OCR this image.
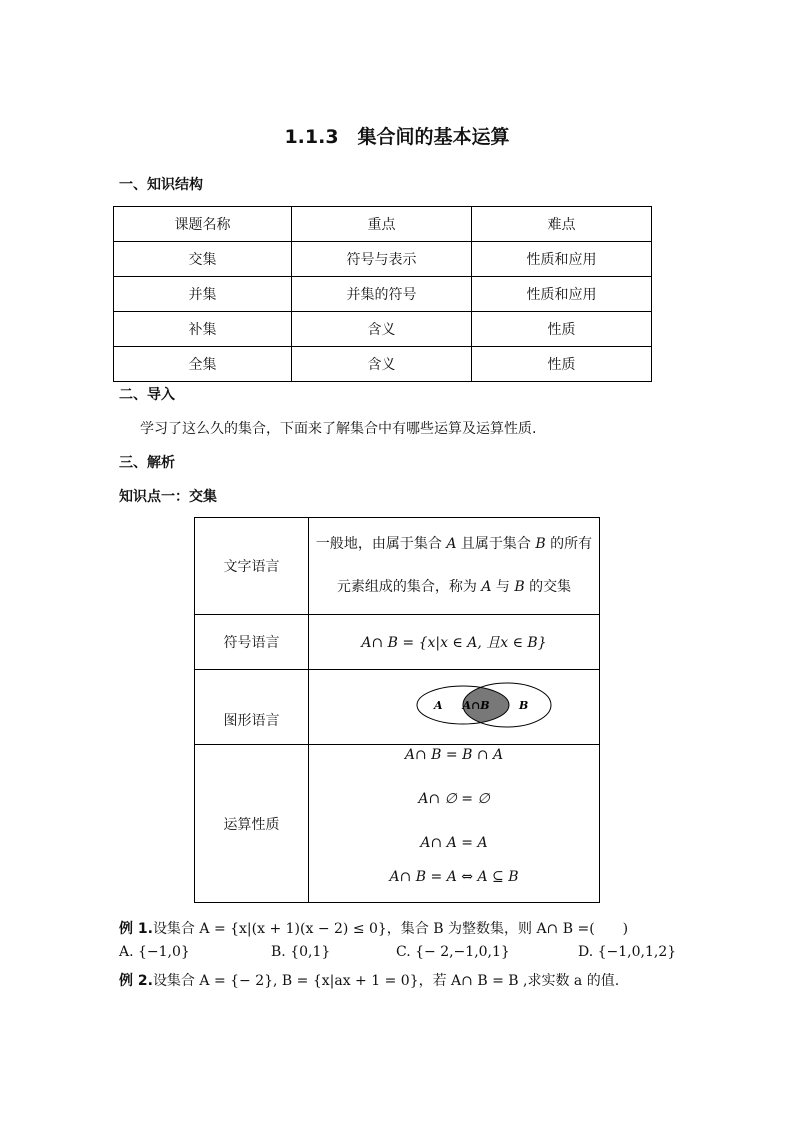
1.1.3　集合间的基本运算
一、知识结构
课题名称	重点	难点
交集	符号与表示	性质和应用
并集	并集的符号	性质和应用
补集	含义	性质
全集	含义	性质
二、导入
学习了这么久的集合，下面来了解集合中有哪些运算及运算性质.
三、解析
知识点一：交集
文字语言	一般地，由属于集合 A 且属于集合 B 的所有
元素组成的集合，称为 A 与 B 的交集

符号语言	A∩ B = {x|x ∈ A, 且x ∈ B}
图形语言	A A∩B B

运算性质	A∩ B = B ∩ A
A∩ ∅ = ∅
A∩ A = A
A∩ B = A ⇔ A ⊆ B
例 1.设集合 A = {x|(x + 1)(x − 2) ≤ 0}，集合 B 为整数集，则 A∩ B =(　　)
A. {−1,0}	B. {0,1}	C. {− 2,−1,0,1}	D. {−1,0,1,2}
例 2.设集合 A = {− 2}, B = {x|ax + 1 = 0}，若 A∩ B = B ,求实数 a 的值.
